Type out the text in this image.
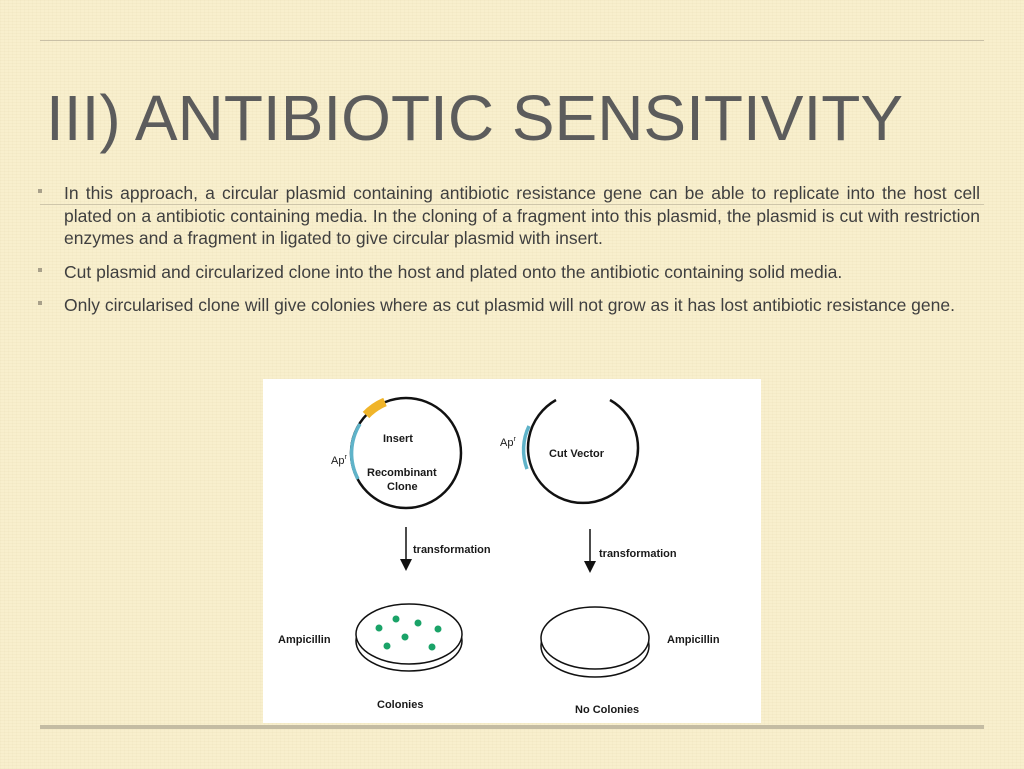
III) ANTIBIOTIC SENSITIVITY
In this approach, a circular plasmid containing antibiotic resistance gene can be able to replicate into the host cell plated on a antibiotic containing media. In the cloning of a fragment into this plasmid, the plasmid is cut with restriction enzymes and a fragment in ligated to give circular plasmid with insert.
Cut plasmid and circularized clone into the host and plated onto the antibiotic containing solid media.
Only circularised clone will give colonies where as cut plasmid will not grow as it has lost antibiotic resistance gene.
Insert
Ap$^r$
Recombinant
Clone
Ap$^r$
Cut Vector
transformation	transformation
Ampicillin
Colonies
Ampicillin
No Colonies
